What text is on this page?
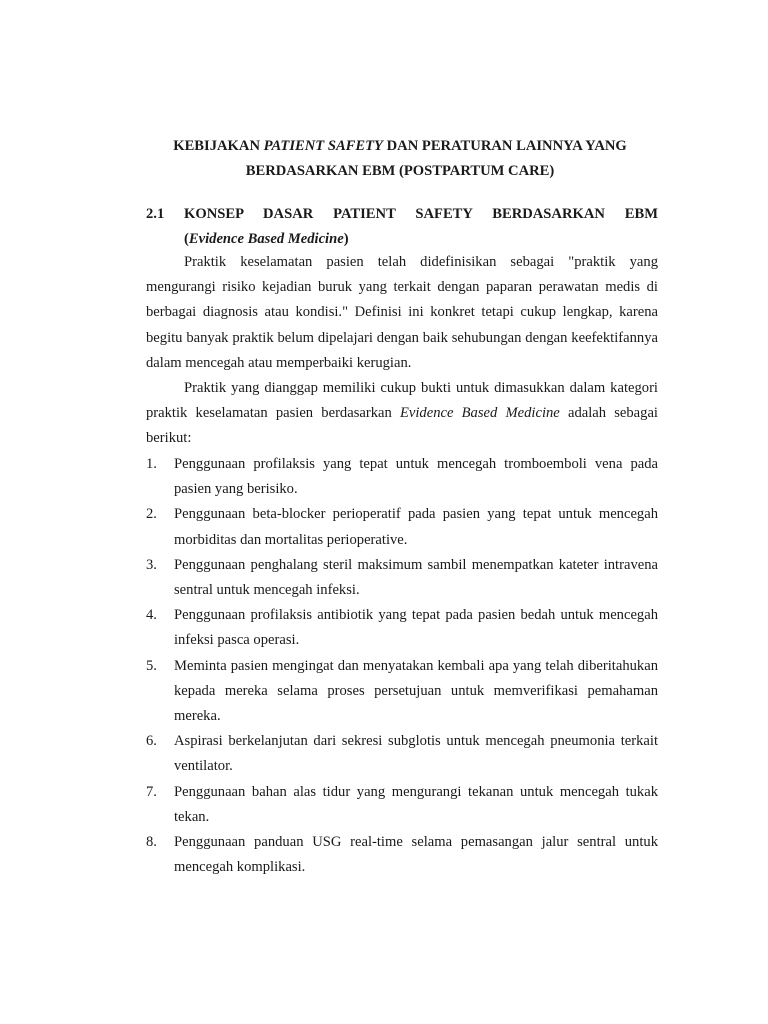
KEBIJAKAN PATIENT SAFETY DAN PERATURAN LAINNYA YANG
BERDASARKAN EBM (POSTPARTUM CARE)
2.1 KONSEP DASAR PATIENT SAFETY BERDASARKAN EBM
(Evidence Based Medicine)
Praktik keselamatan pasien telah didefinisikan sebagai "praktik yang mengurangi risiko kejadian buruk yang terkait dengan paparan perawatan medis di berbagai diagnosis atau kondisi." Definisi ini konkret tetapi cukup lengkap, karena begitu banyak praktik belum dipelajari dengan baik sehubungan dengan keefektifannya dalam mencegah atau memperbaiki kerugian.
Praktik yang dianggap memiliki cukup bukti untuk dimasukkan dalam kategori praktik keselamatan pasien berdasarkan Evidence Based Medicine adalah sebagai berikut:
1. Penggunaan profilaksis yang tepat untuk mencegah tromboemboli vena pada pasien yang berisiko.
2. Penggunaan beta-blocker perioperatif pada pasien yang tepat untuk mencegah morbiditas dan mortalitas perioperative.
3. Penggunaan penghalang steril maksimum sambil menempatkan kateter intravena sentral untuk mencegah infeksi.
4. Penggunaan profilaksis antibiotik yang tepat pada pasien bedah untuk mencegah infeksi pasca operasi.
5. Meminta pasien mengingat dan menyatakan kembali apa yang telah diberitahukan kepada mereka selama proses persetujuan untuk memverifikasi pemahaman mereka.
6. Aspirasi berkelanjutan dari sekresi subglotis untuk mencegah pneumonia terkait ventilator.
7. Penggunaan bahan alas tidur yang mengurangi tekanan untuk mencegah tukak tekan.
8. Penggunaan panduan USG real-time selama pemasangan jalur sentral untuk mencegah komplikasi.
